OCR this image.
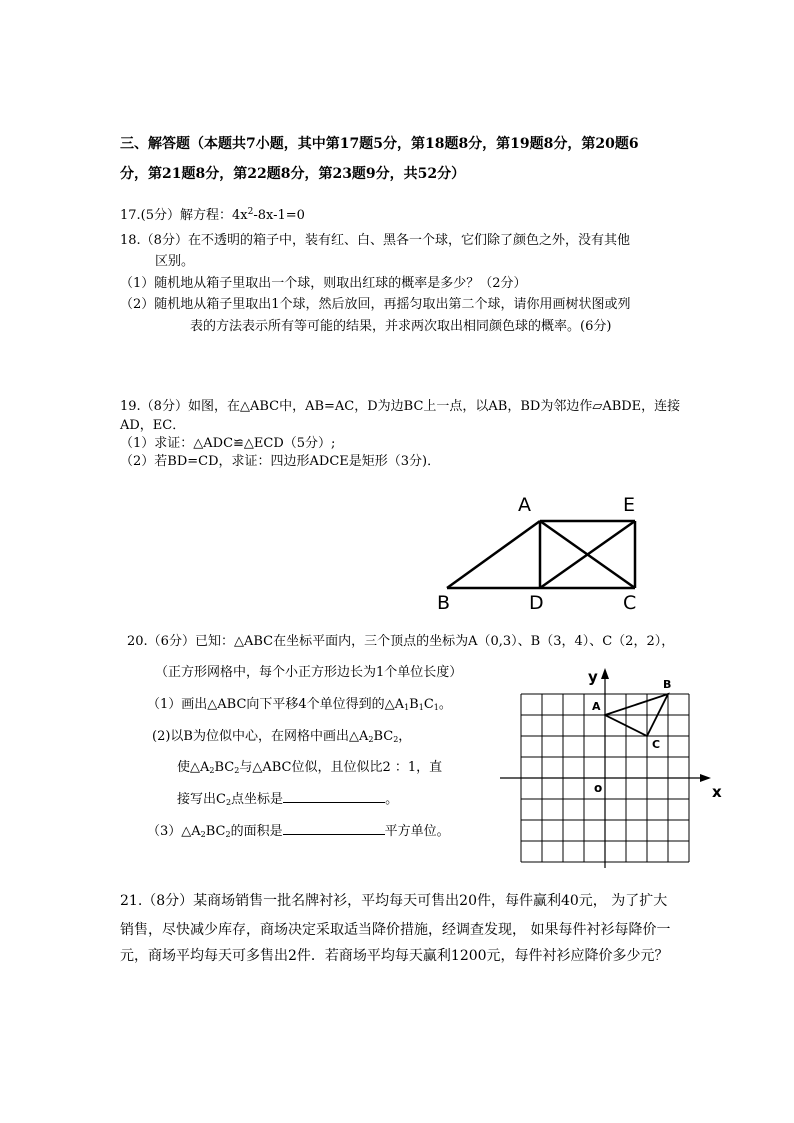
三、解答题（本题共7小题，其中第17题5分，第18题8分，第19题8分，第20题6
分，第21题8分，第22题8分，第23题9分，共52分）
17.(5分）解方程：$4x^2-8x-1=0$
18.（8分）在不透明的箱子中，装有红、白、黑各一个球，它们除了颜色之外，没有其他
区别。
（1）随机地从箱子里取出一个球，则取出红球的概率是多少？（2分）
（2）随机地从箱子里取出1个球，然后放回，再摇匀取出第二个球，请你用画树状图或列
表的方法表示所有等可能的结果，并求两次取出相同颜色球的概率。(6分)
19.（8分）如图，在△ABC中，AB=AC，D为边BC上一点，以AB，BD为邻边作▱ABDE，连接
AD，EC．
（1）求证：△ADC≌△ECD（5分）;
（2）若BD=CD，求证：四边形ADCE是矩形（3分)．
A	E
B	D	C
20.（6分）已知：△ABC在坐标平面内，三个顶点的坐标为A（0,3）、B（3，4）、C（2，2），
（正方形网格中，每个小正方形边长为1个单位长度）
（1）画出△ABC向下平移4个单位得到的$\triangle A_1B_1C_1$。
(2)以B为位似中心，在网格中画出$\triangle A_2BC_2$，
使$\triangle A_2BC_2$与△ABC位似，且位似比2 ：1，直
接写出$C_2$点坐标是	。
$(3)\triangle A_2BC_2$的面积是	平方单位。
y
x
o
A
B
C
21.（8分）某商场销售一批名牌衬衫，平均每天可售出20件，每件赢利40元， 为了扩大
销售，尽快减少库存，商场决定采取适当降价措施，经调查发现， 如果每件衬衫每降价一
元，商场平均每天可多售出2件．若商场平均每天赢利1200元，每件衬衫应降价多少元？
